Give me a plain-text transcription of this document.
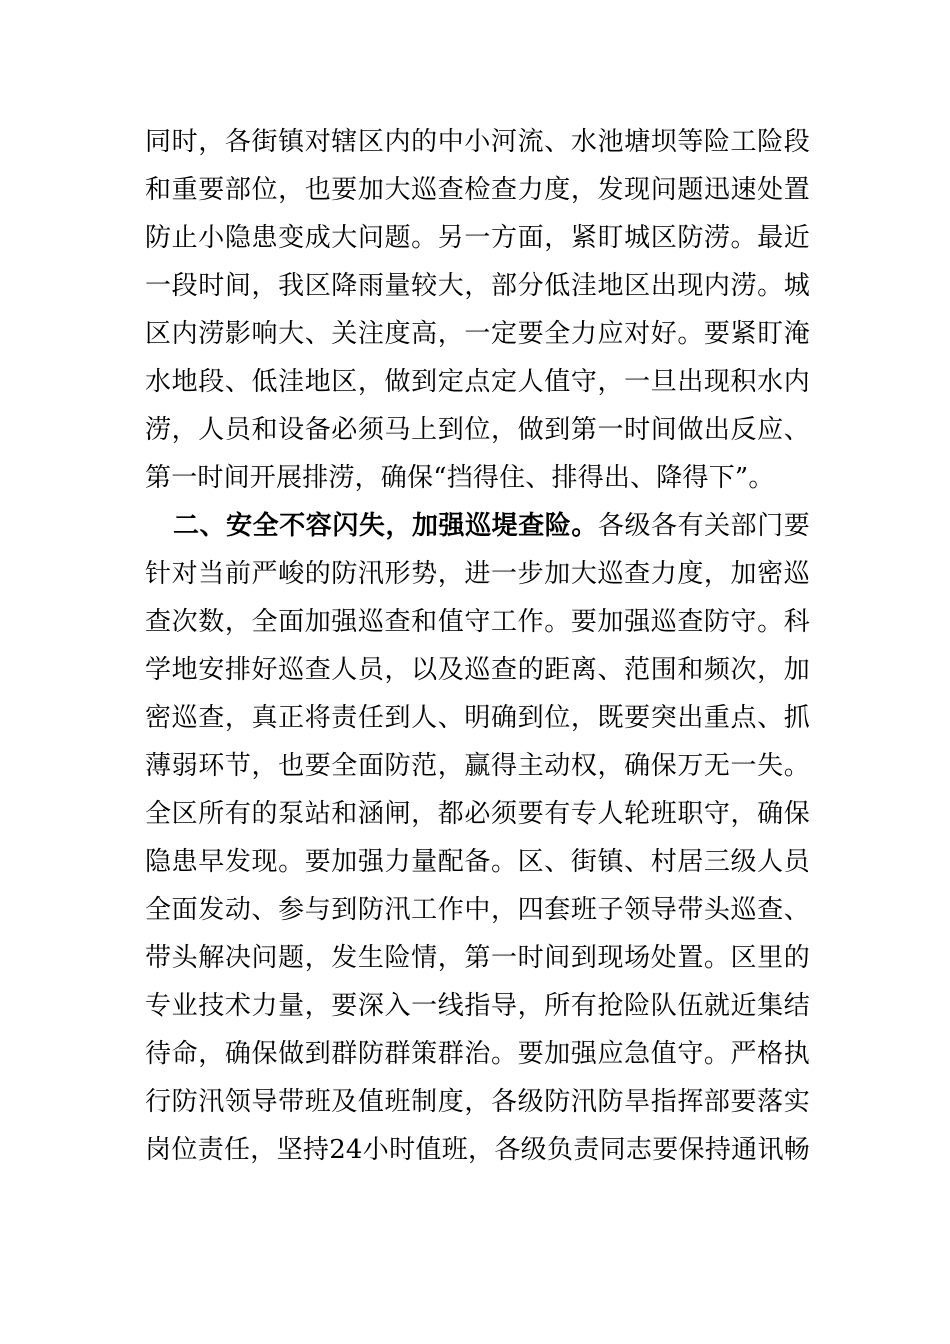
同时，各街镇对辖区内的中小河流、水池塘坝等险工险段
和重要部位，也要加大巡查检查力度，发现问题迅速处置
防止小隐患变成大问题。另一方面，紧盯城区防涝。最近
一段时间，我区降雨量较大，部分低洼地区出现内涝。城
区内涝影响大、关注度高，一定要全力应对好。要紧盯淹
水地段、低洼地区，做到定点定人值守，一旦出现积水内
涝，人员和设备必须马上到位，做到第一时间做出反应、
第一时间开展排涝，确保“挡得住、排得出、降得下”。
二、安全不容闪失，加强巡堤查险。各级各有关部门要
针对当前严峻的防汛形势，进一步加大巡查力度，加密巡
查次数，全面加强巡查和值守工作。要加强巡查防守。科
学地安排好巡查人员，以及巡查的距离、范围和频次，加
密巡查，真正将责任到人、明确到位，既要突出重点、抓
薄弱环节，也要全面防范，赢得主动权，确保万无一失。
全区所有的泵站和涵闸，都必须要有专人轮班职守，确保
隐患早发现。要加强力量配备。区、街镇、村居三级人员
全面发动、参与到防汛工作中，四套班子领导带头巡查、
带头解决问题，发生险情，第一时间到现场处置。区里的
专业技术力量，要深入一线指导，所有抢险队伍就近集结
待命，确保做到群防群策群治。要加强应急值守。严格执
行防汛领导带班及值班制度，各级防汛防旱指挥部要落实
岗位责任，坚持24小时值班，各级负责同志要保持通讯畅
